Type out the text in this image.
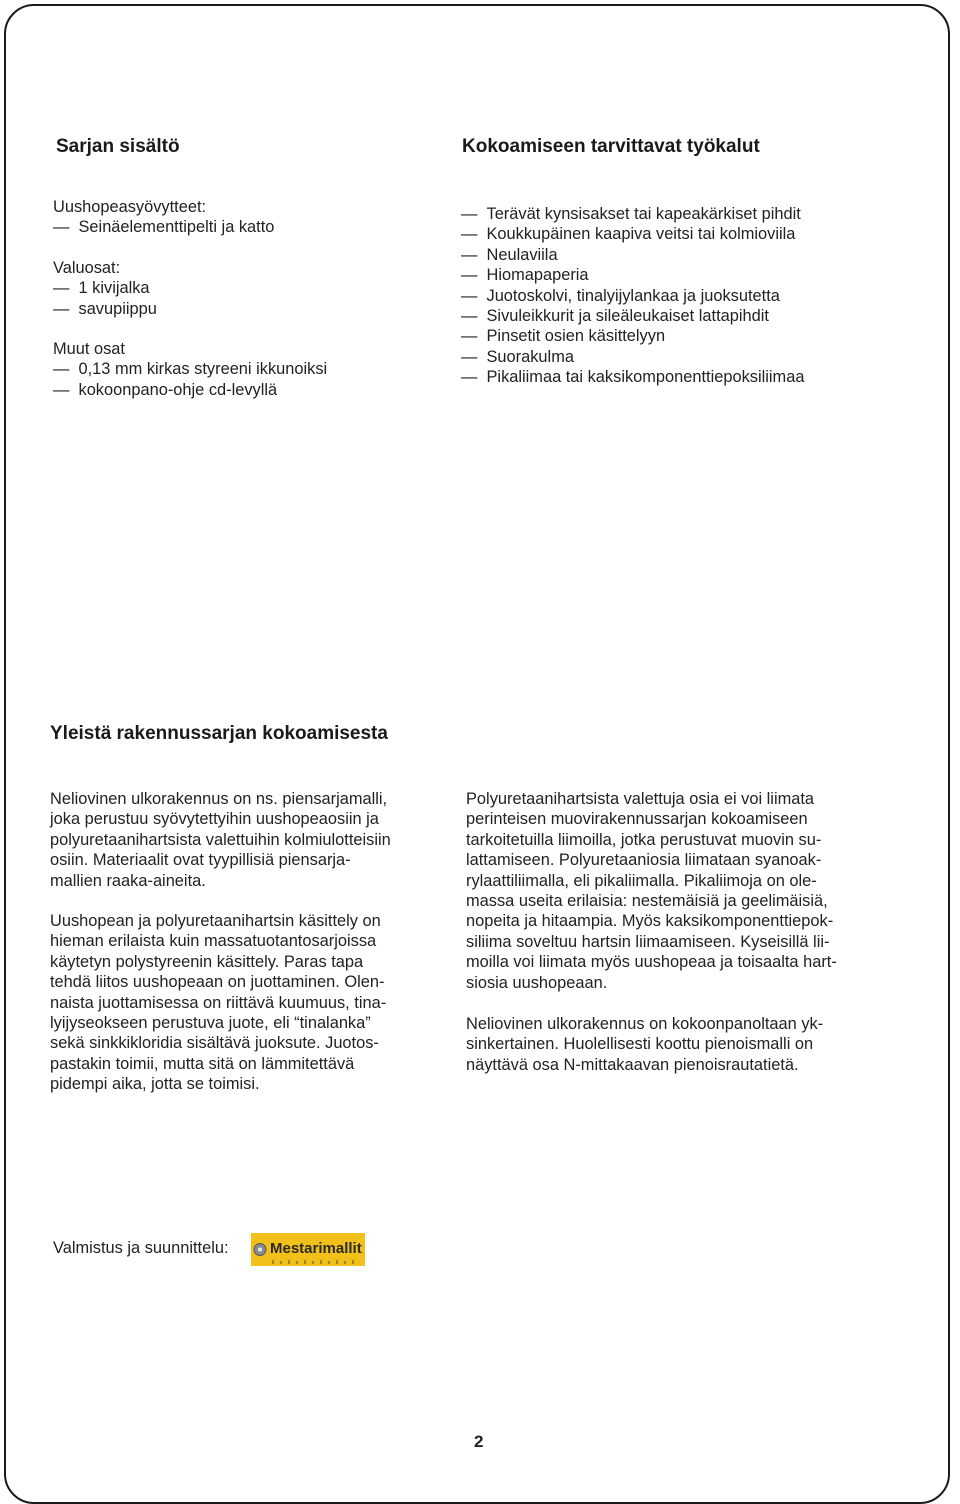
Sarjan sisältö
Uushopeasyövytteet:
—  Seinäelementtipelti ja katto
Valuosat:
—  1 kivijalka
—  savupiippu
Muut osat
—  0,13 mm kirkas styreeni ikkunoiksi
—  kokoonpano-ohje cd-levyllä
Kokoamiseen tarvittavat työkalut
—  Terävät kynsisakset tai kapeakärkiset pihdit
—  Koukkupäinen kaapiva veitsi tai kolmioviila
—  Neulaviila
—  Hiomapaperia
—  Juotoskolvi, tinalyijylankaa ja juoksutetta
—  Sivuleikkurit ja sileäleukaiset lattapihdit
—  Pinsetit osien käsittelyyn
—  Suorakulma
—  Pikaliimaa tai kaksikomponenttiepoksiliimaa
Yleistä rakennussarjan kokoamisesta
Neliovinen ulkorakennus on ns. piensarjamalli,
joka perustuu syövytettyihin uushopeaosiin ja
polyuretaanihartsista valettuihin kolmiulotteisiin
osiin. Materiaalit ovat tyypillisiä piensarja-
mallien raaka-aineita.
Uushopean ja polyuretaanihartsin käsittely on
hieman erilaista kuin massatuotantosarjoissa
käytetyn polystyreenin käsittely. Paras tapa
tehdä liitos uushopeaan on juottaminen. Olen-
naista juottamisessa on riittävä kuumuus, tina-
lyijyseokseen perustuva juote, eli “tinalanka”
sekä sinkkikloridia sisältävä juoksute. Juotos-
pastakin toimii, mutta sitä on lämmitettävä
pidempi aika, jotta se toimisi.
Polyuretaanihartsista valettuja osia ei voi liimata
perinteisen muovirakennussarjan kokoamiseen
tarkoitetuilla liimoilla, jotka perustuvat muovin su-
lattamiseen. Polyuretaaniosia liimataan syanoak-
rylaattiliimalla, eli pikaliimalla. Pikaliimoja on ole-
massa useita erilaisia: nestemäisiä ja geelimäisiä,
nopeita ja hitaampia. Myös kaksikomponenttiepok-
siliima soveltuu hartsin liimaamiseen. Kyseisillä lii-
moilla voi liimata myös uushopeaa ja toisaalta hart-
siosia uushopeaan.
Neliovinen ulkorakennus on kokoonpanoltaan yk-
sinkertainen. Huolellisesti koottu pienoismalli on
näyttävä osa N-mittakaavan pienoisrautatietä.
Valmistus ja suunnittelu:	Mestarimallit
2
